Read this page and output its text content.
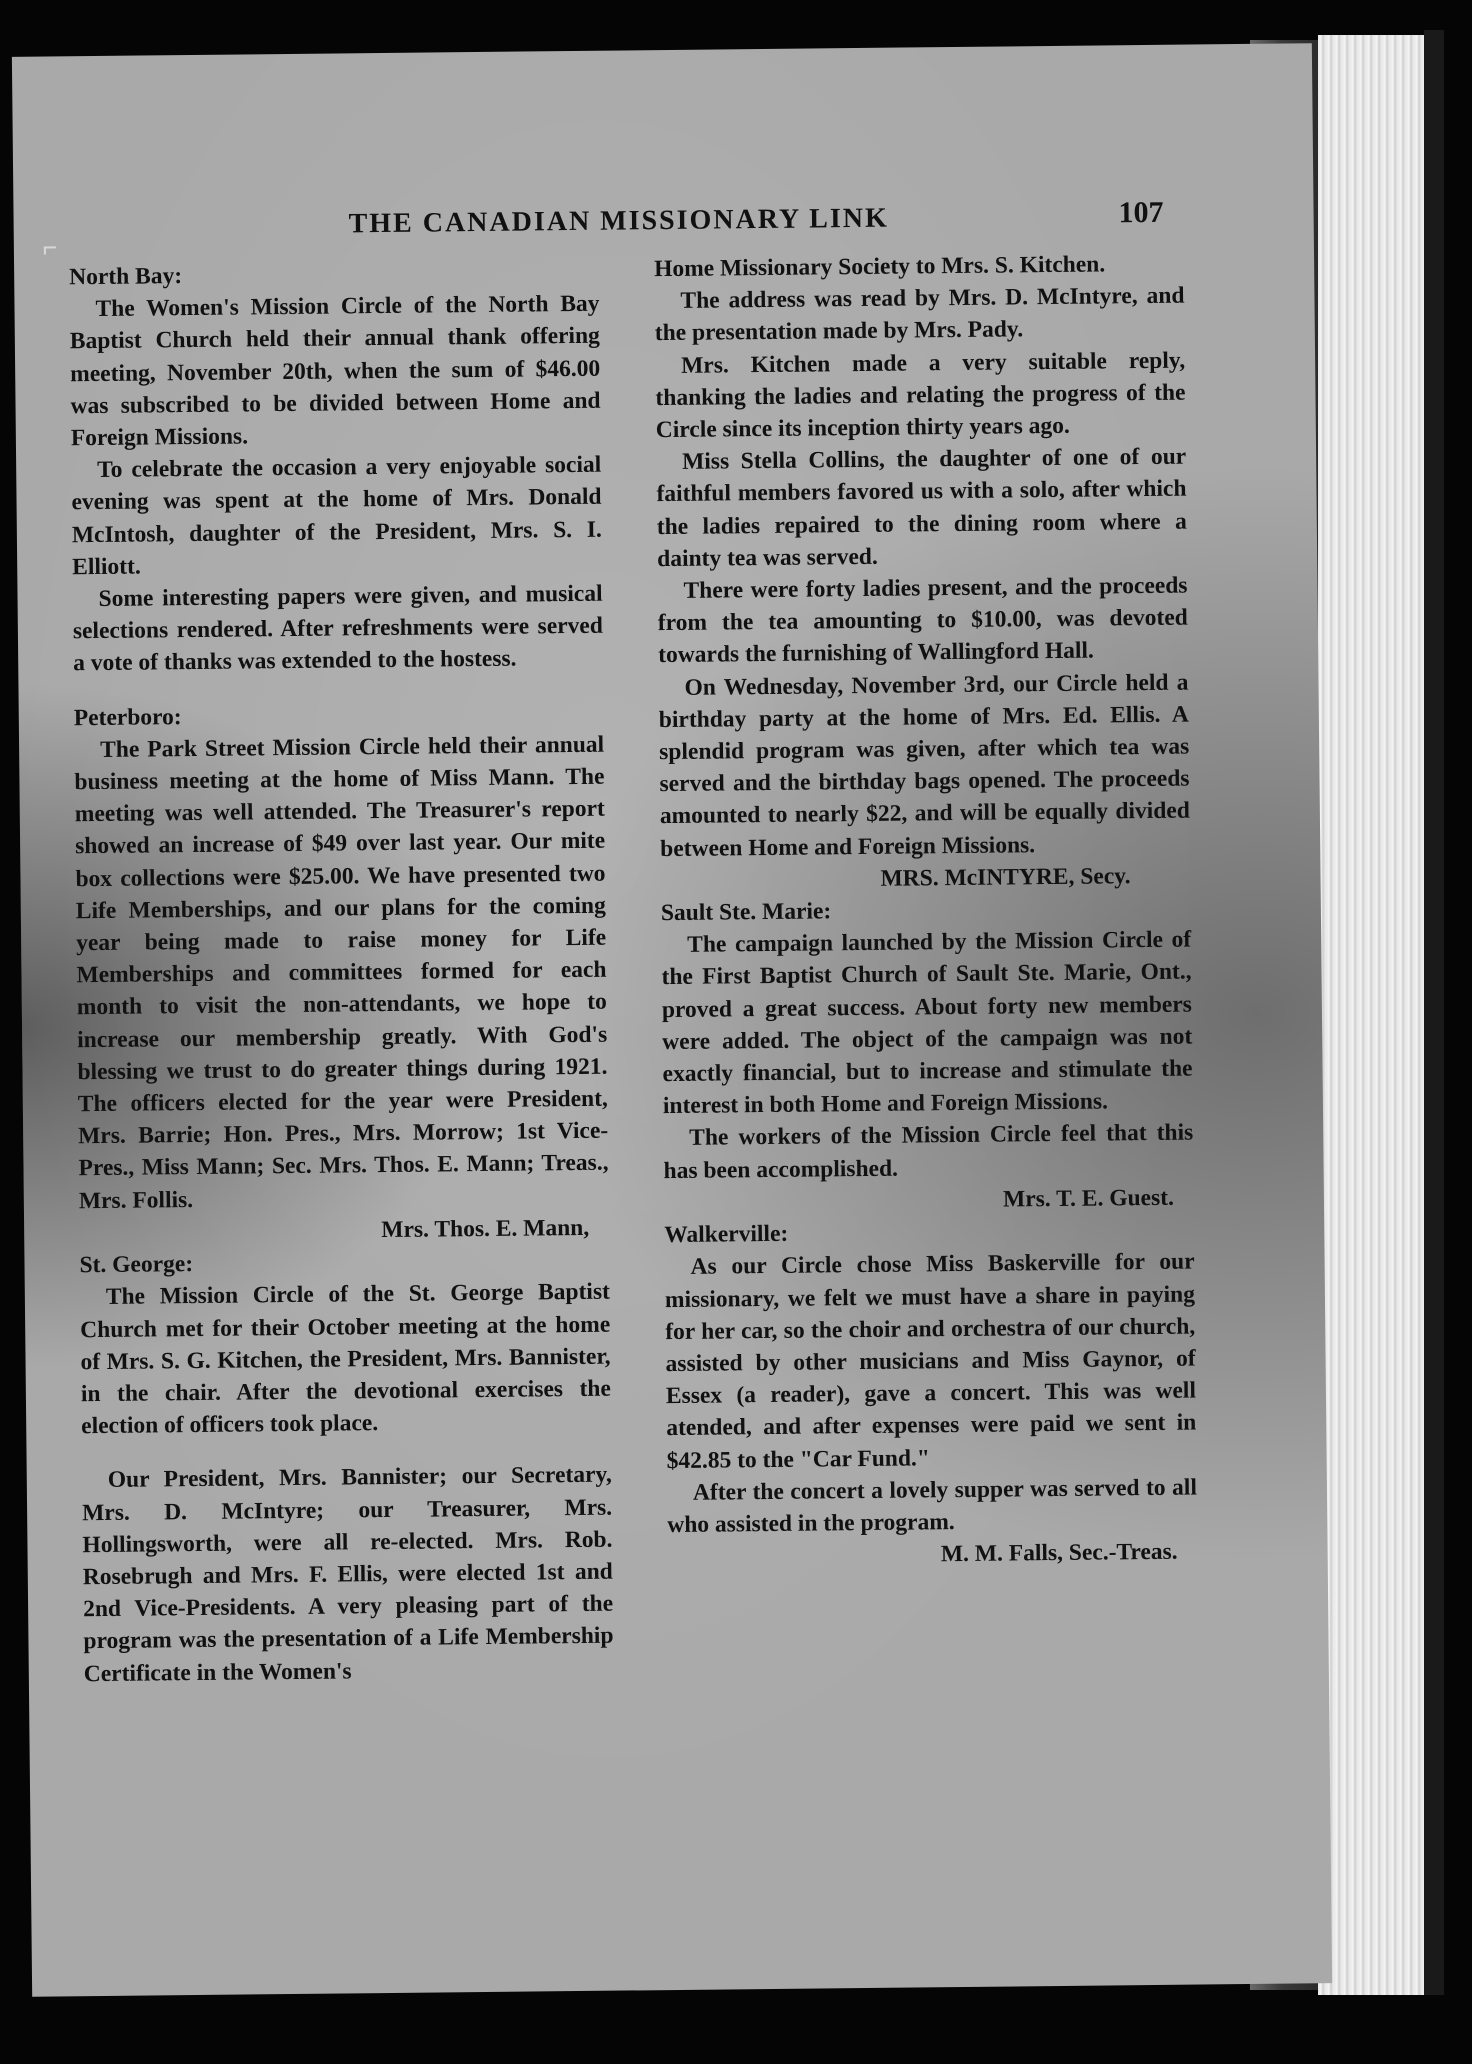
THE CANADIAN MISSIONARY LINK	107
North Bay:

The Women's Mission Circle of the North Bay Baptist Church held their annual thank offering meeting, November 20th, when the sum of $46.00 was subscribed to be divided between Home and Foreign Missions.

To celebrate the occasion a very enjoyable social evening was spent at the home of Mrs. Donald McIntosh, daughter of the President, Mrs. S. I. Elliott.

Some interesting papers were given, and musical selections rendered. After refreshments were served a vote of thanks was extended to the hostess.

Peterboro:

The Park Street Mission Circle held their annual business meeting at the home of Miss Mann. The meeting was well attended. The Treasurer's report showed an increase of $49 over last year. Our mite box collections were $25.00. We have presented two Life Memberships, and our plans for the coming year being made to raise money for Life Memberships and committees formed for each month to visit the non-attendants, we hope to increase our membership greatly. With God's blessing we trust to do greater things during 1921. The officers elected for the year were President, Mrs. Barrie; Hon. Pres., Mrs. Morrow; 1st Vice-Pres., Miss Mann; Sec. Mrs. Thos. E. Mann; Treas., Mrs. Follis.

Mrs. Thos. E. Mann,

St. George:

The Mission Circle of the St. George Baptist Church met for their October meeting at the home of Mrs. S. G. Kitchen, the President, Mrs. Bannister, in the chair. After the devotional exercises the election of officers took place.

Our President, Mrs. Bannister; our Secretary, Mrs. D. McIntyre; our Treasurer, Mrs. Hollingsworth, were all re-elected. Mrs. Rob. Rosebrugh and Mrs. F. Ellis, were elected 1st and 2nd Vice-Presidents. A very pleasing part of the program was the presentation of a Life Membership Certificate in the Women's

Home Missionary Society to Mrs. S. Kitchen.

The address was read by Mrs. D. McIntyre, and the presentation made by Mrs. Pady.

Mrs. Kitchen made a very suitable reply, thanking the ladies and relating the progress of the Circle since its inception thirty years ago.

Miss Stella Collins, the daughter of one of our faithful members favored us with a solo, after which the ladies repaired to the dining room where a dainty tea was served.

There were forty ladies present, and the proceeds from the tea amounting to $10.00, was devoted towards the furnishing of Wallingford Hall.

On Wednesday, November 3rd, our Circle held a birthday party at the home of Mrs. Ed. Ellis. A splendid program was given, after which tea was served and the birthday bags opened. The proceeds amounted to nearly $22, and will be equally divided between Home and Foreign Missions.

MRS. McINTYRE, Secy.

Sault Ste. Marie:

The campaign launched by the Mission Circle of the First Baptist Church of Sault Ste. Marie, Ont., proved a great success. About forty new members were added. The object of the campaign was not exactly financial, but to increase and stimulate the interest in both Home and Foreign Missions.

The workers of the Mission Circle feel that this has been accomplished.

Mrs. T. E. Guest.

Walkerville:

As our Circle chose Miss Baskerville for our missionary, we felt we must have a share in paying for her car, so the choir and orchestra of our church, assisted by other musicians and Miss Gaynor, of Essex (a reader), gave a concert. This was well atended, and after expenses were paid we sent in $42.85 to the "Car Fund."

After the concert a lovely supper was served to all who assisted in the program.

M. M. Falls, Sec.-Treas.
